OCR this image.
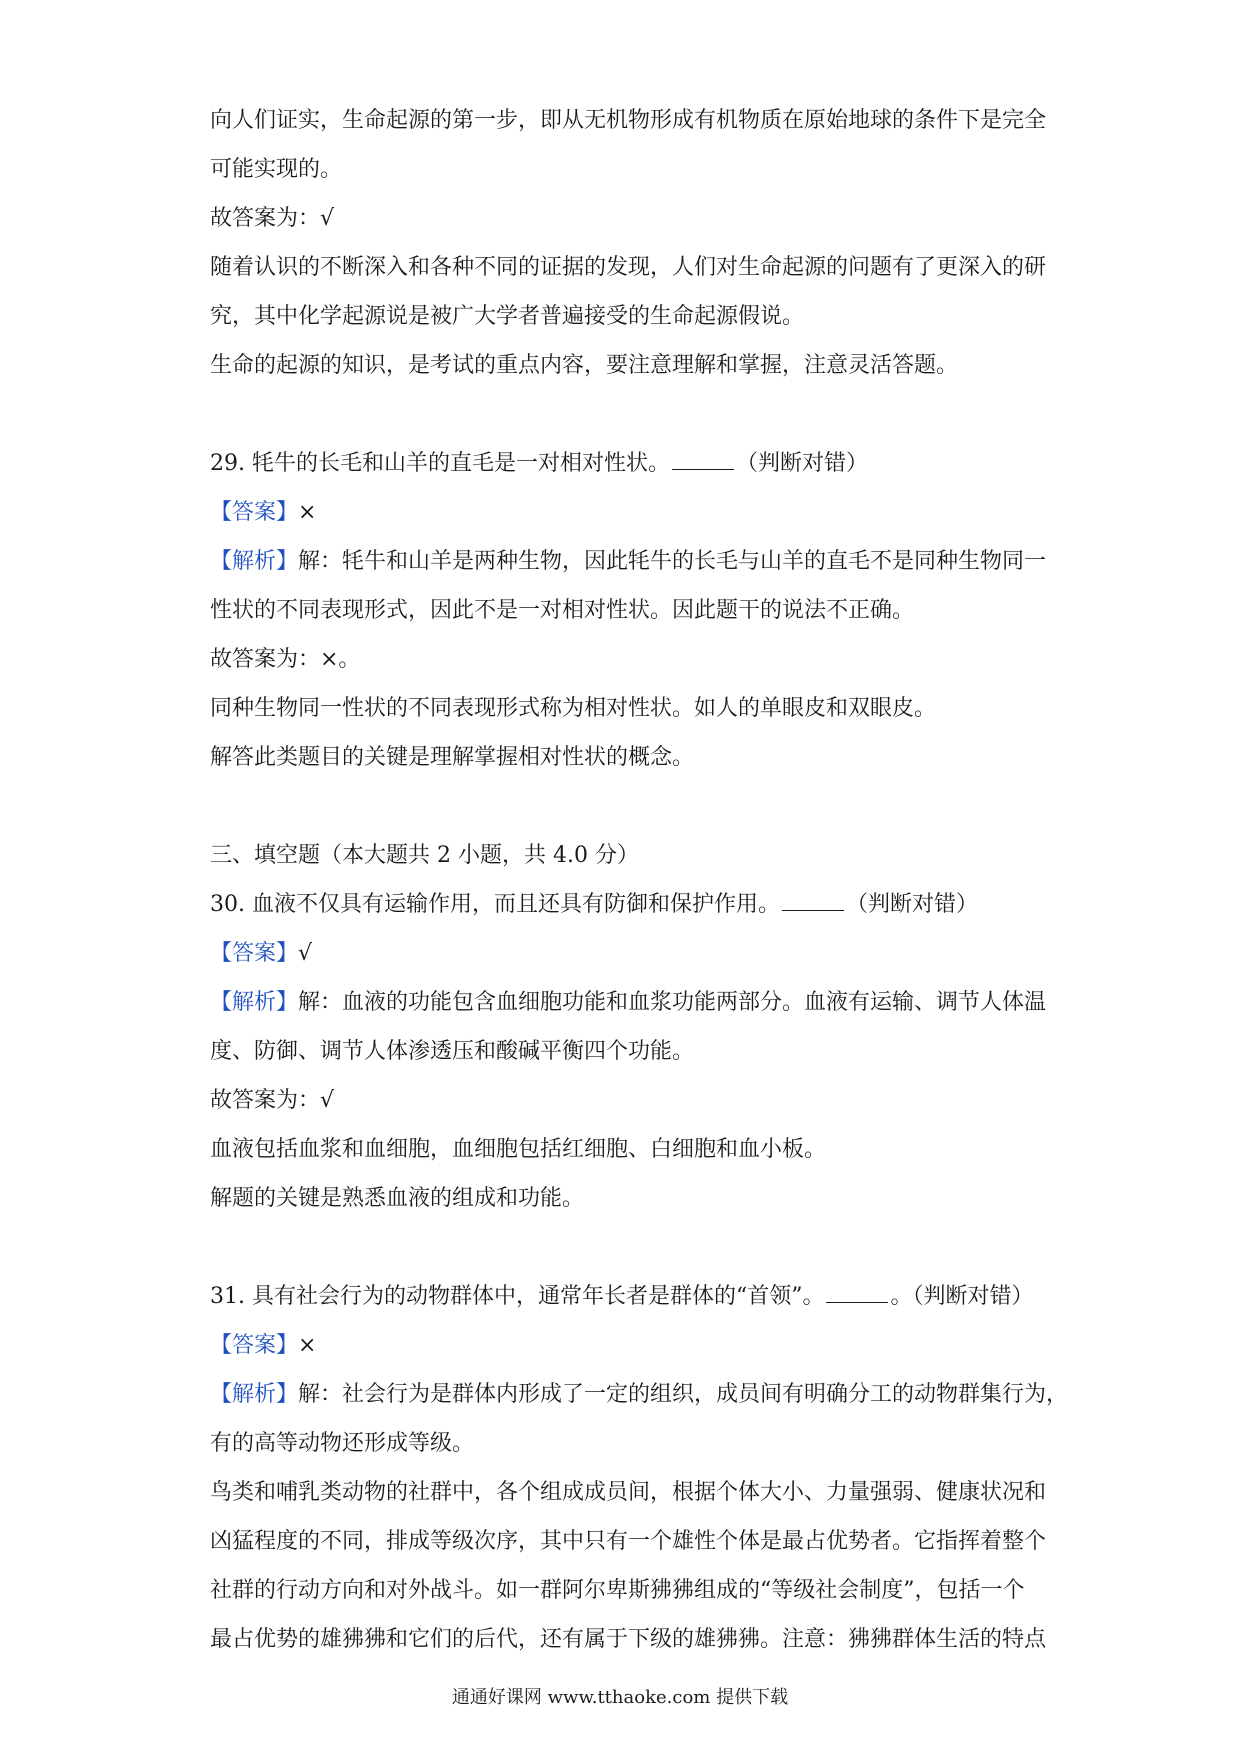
向人们证实，生命起源的第一步，即从无机物形成有机物质在原始地球的条件下是完全
可能实现的。
故答案为：√
随着认识的不断深入和各种不同的证据的发现，人们对生命起源的问题有了更深入的研
究，其中化学起源说是被广大学者普遍接受的生命起源假说。
生命的起源的知识，是考试的重点内容，要注意理解和掌握，注意灵活答题。
29. 牦牛的长毛和山羊的直毛是一对相对性状。	（判断对错）
【答案】×
【解析】解：牦牛和山羊是两种生物，因此牦牛的长毛与山羊的直毛不是同种生物同一
性状的不同表现形式，因此不是一对相对性状。因此题干的说法不正确。
故答案为：×。
同种生物同一性状的不同表现形式称为相对性状。如人的单眼皮和双眼皮。
解答此类题目的关键是理解掌握相对性状的概念。
三、填空题（本大题共 2 小题，共 4.0 分）
30. 血液不仅具有运输作用，而且还具有防御和保护作用。	（判断对错）
【答案】√
【解析】解：血液的功能包含血细胞功能和血浆功能两部分。血液有运输、调节人体温
度、防御、调节人体渗透压和酸碱平衡四个功能。
故答案为：√
血液包括血浆和血细胞，血细胞包括红细胞、白细胞和血小板。
解题的关键是熟悉血液的组成和功能。
31. 具有社会行为的动物群体中，通常年长者是群体的“首领”。	。（判断对错）
【答案】×
【解析】解：社会行为是群体内形成了一定的组织，成员间有明确分工的动物群集行为，
有的高等动物还形成等级。
鸟类和哺乳类动物的社群中，各个组成成员间，根据个体大小、力量强弱、健康状况和
凶猛程度的不同，排成等级次序，其中只有一个雄性个体是最占优势者。它指挥着整个
社群的行动方向和对外战斗。如一群阿尔卑斯狒狒组成的“等级社会制度”，包括一个
最占优势的雄狒狒和它们的后代，还有属于下级的雄狒狒。注意：狒狒群体生活的特点
通通好课网 www.tthaoke.com 提供下载
